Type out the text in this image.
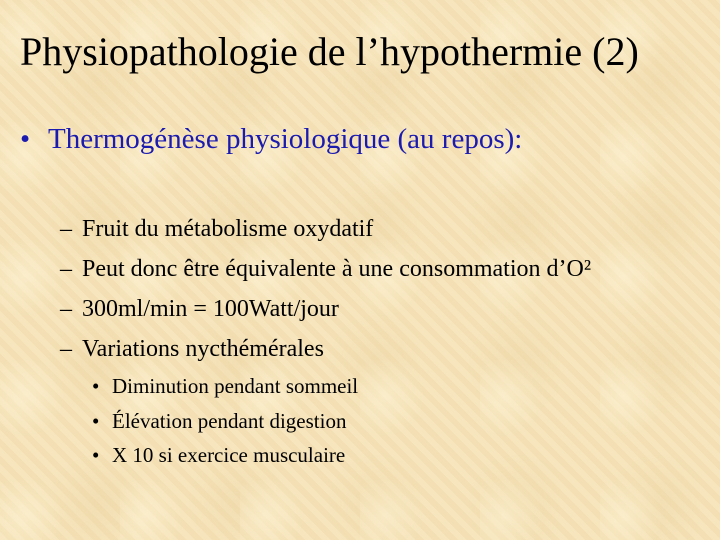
Physiopathologie de l’hypothermie (2)
• Thermogénèse physiologique (au repos):
– Fruit du métabolisme oxydatif
– Peut donc être équivalente à une consommation d’O²
– 300ml/min = 100Watt/jour
– Variations nycthémérales
• Diminution pendant sommeil
• Élévation pendant digestion
• X 10 si exercice musculaire
